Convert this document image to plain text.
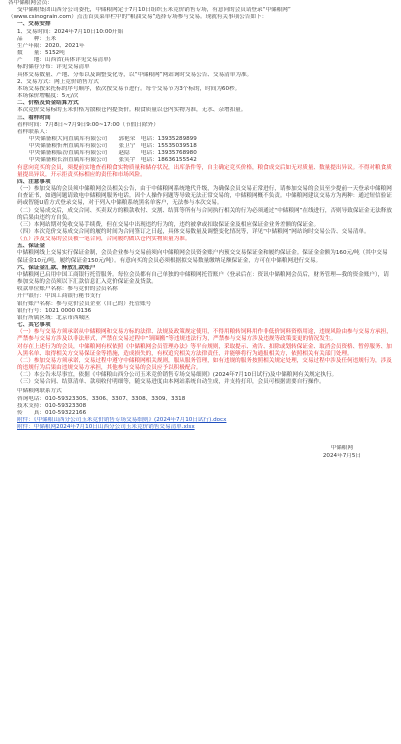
各中储粮网会员：
受中储粮集团山西分公司委托，中储粮网定于7月10日组织玉米竞价销售专场，有意向的会员请登录“中储粮网”
（www.csinograin.com）点击首页菜单栏中的“粮油交易”选择专场参与交易。现就有关事项公告如下：
一、交易安排
1、交易时间：2024年7月10日10:00开始
品　　种：玉米
生产年限：2020、2021年
数　　量：5152吨
产　　地：山西省(具体详见交易清单)
标的储存分布：详见交易清单
具体交易数量、产地、分布以及调整变化等，以“中储粮网”网站询时交易公告、交易清单为准。
2、交易方式：网上竞价销售方式
本场交易按采托标的序号顺序，依次按交易节进行。每个交易节为3个标的，时间为60秒。
本场保价增幅度：5元/次
二、价格及资金结算方式
本次竞价交易标的玉米价格为散粮仓内提货价。粮食质量以仓内实物为准，无水、杂增扣量。
三、看样时间
看样时间：7月8日~7月9日9:00~17:00（节假日除外）
看样联系人：
中央储备粮大同直属库有限公司　　郭艳荣　电话：13935289899
中央储备粮忻州直属库有限公司　　张卫宁　电话：15535039518
中央储备粮临汾直属库有限公司　　赵隐　　电话：13935768980
中央储备粮长治直属库有限公司　　张笑宇　电话：18636155542
有意向竞买的会员，须提前实地查看粮食实物质量和储存状况，出库条件等，自主确定竞买价格，粮食成交后如无对质量、数量提出异议。不得对粮食质量提出异议，开示拒责买标相应的责任和市场风险。
四、注意事项
（一）参加交易的会员须中储粮网会员相关公告，由于中储粮网系统地代升级，为确保会员交易正常进行，请参加交易的会员至少提前一天登录中储粮网自查证书，如遇问题请致电中储粮网服务电话。因个人操作问题等导致无法正常交易的，中储粮网概不负责。中储粮网建议交易方为两种：通过短信验证码或智能U盾方式登录交易，对于列入中储粮系统黑名单客户，无法参与本次交易。
（二）交易成交后，成交合同、买卖双方的粮款收付、交割、结算等所有与合同执行相关的行为必须通过“中储粮网”在线进行，否则导致保证金无法释放的后果由违约方自负。
（三）本网站期对免收交易手续费，但在交易中出现违约行为的，违约被拿或扣取保证金及相应保证金业务差额的保证金。
（四）本次竞价交易成交合同的履约时间为合同签订之日起，具体交易数量及调整变化情况等，详见“中储粮网”网站询时交易公告、交易清单。
（五）涉及交易的会员被一笔合同，合同履约做以仓内实物质量为准。
五、保证金
中储粮网线上交易实行保证金制，会员企业参与交易前须向中储粮网会员资金账户内预交交易保证金和履约保证金。保证金金额为160元/吨（其中交易保证金10元/吨，履约保证金150元/吨）。有意向买的会员必须根据拟交易数量缴纳足额保证金，方可在中储粮网进行交易。
六、保证金汇款、释放汇款账户
中储粮网已启用中国工商银行托管服务。每位会员都有自己单独的中储粮网托管账户（登录后在：资讯中储粮网会员后，财务管理—我的资金账户），请参加交易的会员须以下汇款信息汇入竞价保证金及货款。
收款单位账户名称：参与竞价的会员名称
开户银行：中国工商银行秘书支行
银行账户名称：参与竞价会员企业（自己的）托管账号
银行行号：1021 0000 0136
银行所属区域：北京市西城区
七、其它事项
（一）参与交易方须承诺从中储粮网和交易方标的法律、法规及政策规定使用，不得用粮转饲料用作非低价饲料资格用途，违规风险由参与交易方承担，严禁参与交易方涉及以非法形式，严禁在交易过程中“领圈搬”等违规违法行为，严禁参与交易方涉及违规等政策变更的情况发生。
对存在上述行为的会员，中储粮网有权依照《中储粮网会员管理办法》等平台规则，采取提示、劝告、扣除或划转保证金、取消会员资格、暂停服务、加入黑名单、取得相关方交易保证金等措施，造成损失的，有权追究相关方法律责任，并能够将行为通报相关方，依照相关有关部门处理。
（二）参加交易方须承诺，交易过程中遵守中储粮网相关规则，服从服务管理，如有违规的服务按照相关规定处理，交易过程中涉及任何违规行为，涉及的违规行为后果由违规交易方承担，其他参与交易的会员应予以积极配合。
（二）本公告未尽事宜，依据《中储粮山西分公司玉米竞价销售专场交易细则》(2024年7月10日试行)及中储粮网有关规定执行。
（三）交易合同、结算清单、款项收付明细等，随交易进度由本网站系统自动生成，并支持打印，会员可根据需要自行操作。
中储粮网联系方式
咨询电话：010-59323305、3306、3307、3308、3309、3318
技术支持：010-59323308
传　　真：010-59322166
附件：《中储粮山西分公司玉米竞价销售专场交易细则》(2024年7月10日试行).docx
附件：中储粮网2024年7月10日山西分公司玉米竞价销售交易清单.xlsx
中储粮网
2024年7月5日
